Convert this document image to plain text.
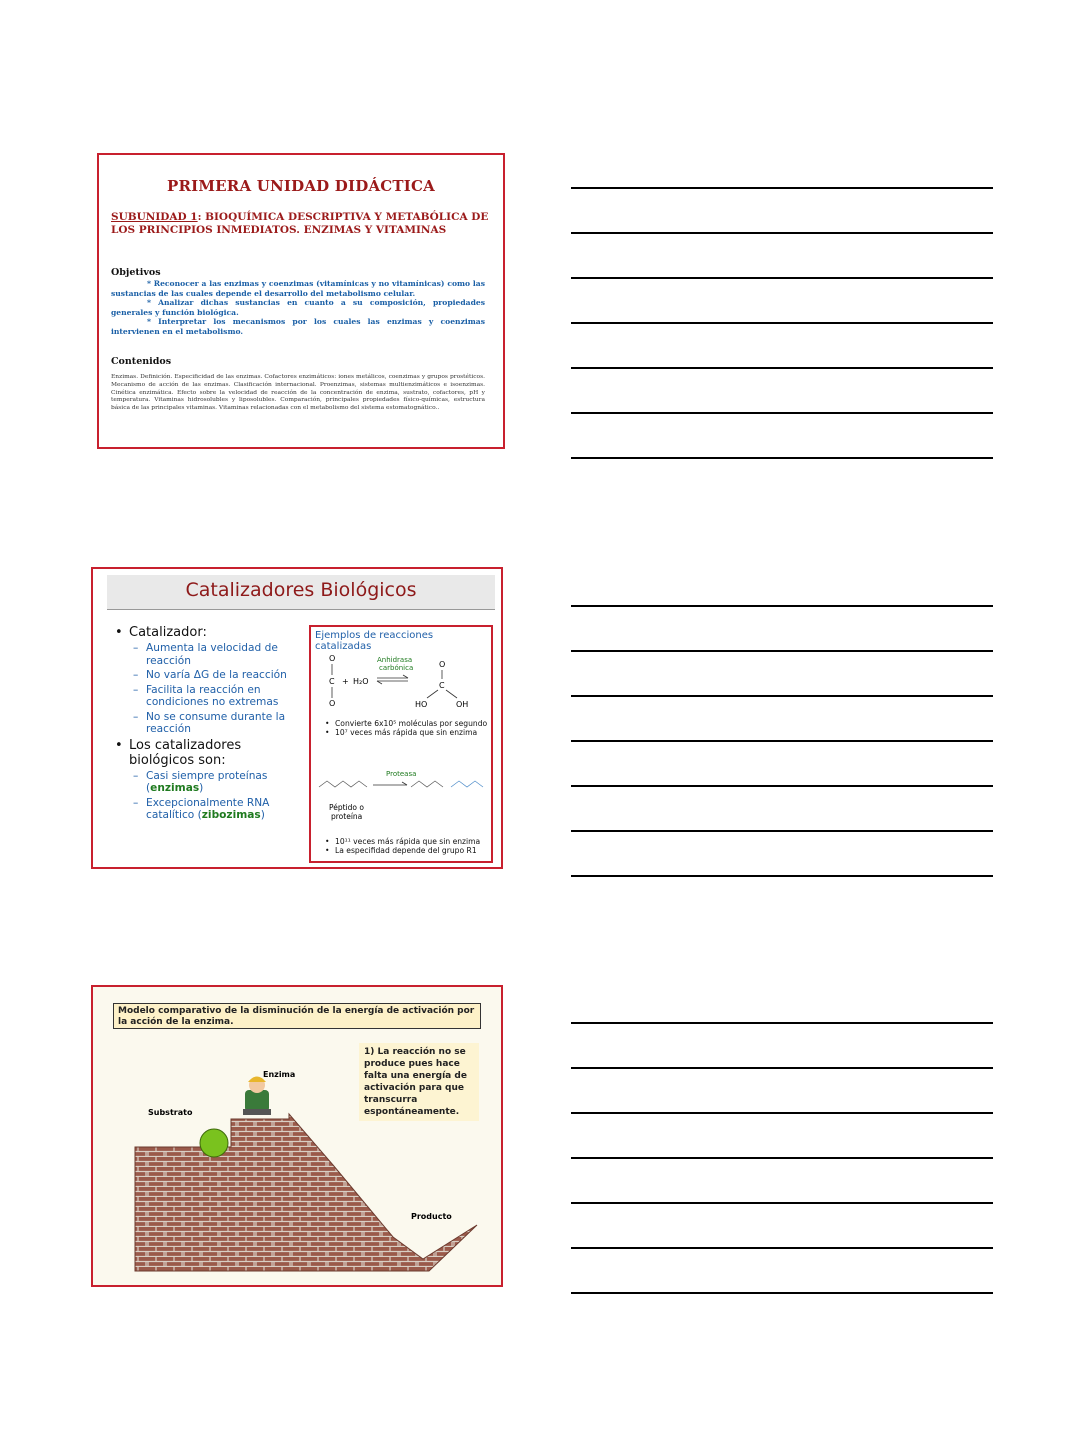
PRIMERA UNIDAD DIDÁCTICA
SUBUNIDAD 1: BIOQUÍMICA DESCRIPTIVA Y METABÓLICA DE LOS PRINCIPIOS INMEDIATOS. ENZIMAS Y VITAMINAS
Objetivos

* Reconocer a las enzimas y coenzimas (vitamínicas y no vitamínicas) como las sustancias de las cuales depende el desarrollo del metabolismo celular.

* Analizar dichas sustancias en cuanto a su composición, propiedades generales y función biológica.

* Interpretar los mecanismos por los cuales las enzimas y coenzimas intervienen en el metabolismo.

Contenidos
Enzimas. Definición. Especificidad de las enzimas. Cofactores enzimáticos: iones metálicos, coenzimas y grupos prostéticos. Mecanismo de acción de las enzimas. Clasificación internacional. Proenzimas, sistemas multienzimáticos e isoenzimas. Cinética enzimática. Efecto sobre la velocidad de reacción de la concentración de enzima, sustrato, cofactores, pH y temperatura. Vitaminas hidrosolubles y liposolubles. Comparación, principales propiedades físico-químicas, estructura básica de las principales vitaminas. Vitaminas relacionadas con el metabolismo del sistema estomatognático..
Catalizadores Biológicos
• Catalizador:
– Aumenta la velocidad de reacción
– No varía ΔG de la reacción
– Facilita la reacción en condiciones no extremas
– No se consume durante la reacción
• Los catalizadores biológicos son:
– Casi siempre proteínas (enzimas)
– Excepcionalmente RNA catalítico (zibozimas)
Ejemplos de reacciones catalizadas
O
C + H₂O
O
Anhidrasa
carbónica	O
C
HO	OH
Proteasa
Péptido o
proteína
• Convierte 6x10⁵ moléculas por segundo
• 10⁷ veces más rápida que sin enzima
• 10¹¹ veces más rápida que sin enzima
• La especifidad depende del grupo R1
Modelo comparativo de la disminución de la energía de activación por la acción de la enzima.
1) La reacción no se produce pues hace falta una energía de activación para que transcurra espontáneamente.
Enzima
Substrato
Producto
